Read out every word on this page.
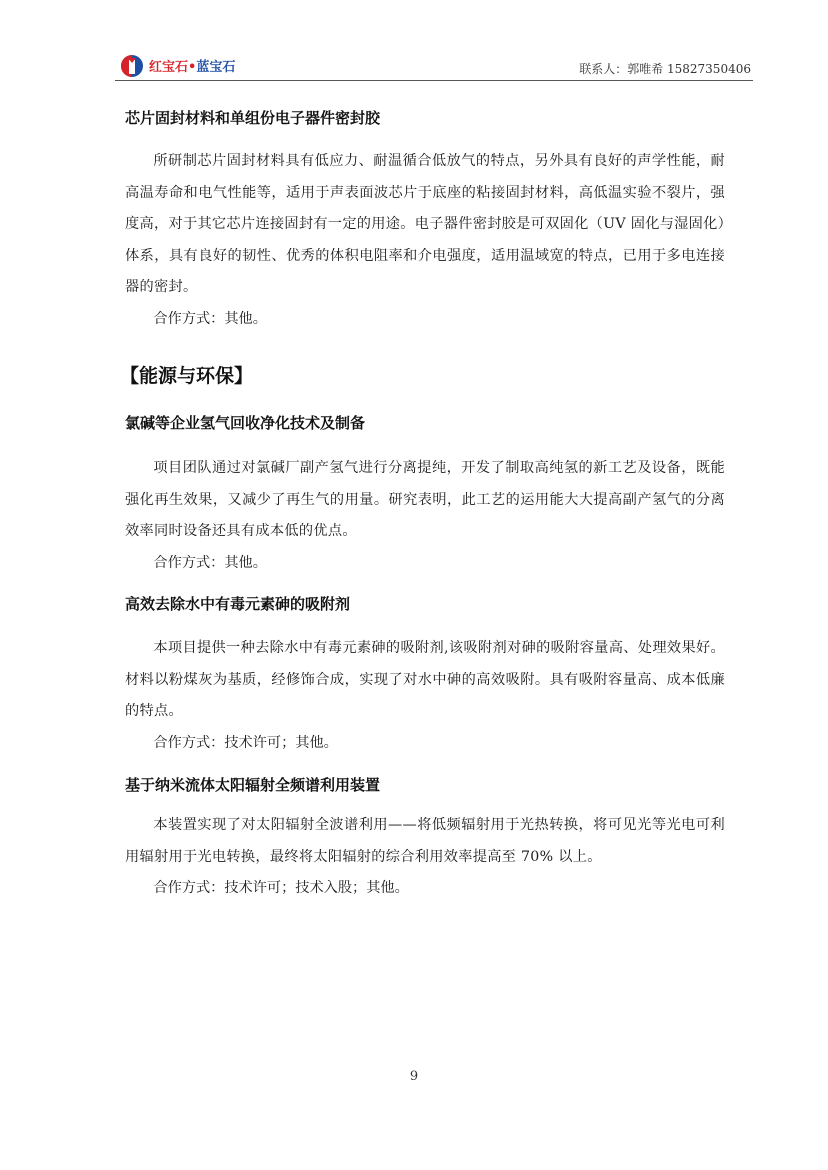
红宝石•蓝宝石	联系人：郭唯希 15827350406

芯片固封材料和单组份电子器件密封胶

所研制芯片固封材料具有低应力、耐温循合低放气的特点，另外具有良好的声学性能，耐高温寿命和电气性能等，适用于声表面波芯片于底座的粘接固封材料，高低温实验不裂片，强度高，对于其它芯片连接固封有一定的用途。电子器件密封胶是可双固化（UV 固化与湿固化）体系，具有良好的韧性、优秀的体积电阻率和介电强度，适用温域宽的特点，已用于多电连接器的密封。

合作方式：其他。

【能源与环保】

氯碱等企业氢气回收净化技术及制备

项目团队通过对氯碱厂副产氢气进行分离提纯，开发了制取高纯氢的新工艺及设备，既能强化再生效果，又减少了再生气的用量。研究表明，此工艺的运用能大大提高副产氢气的分离效率同时设备还具有成本低的优点。

合作方式：其他。

高效去除水中有毒元素砷的吸附剂

本项目提供一种去除水中有毒元素砷的吸附剂,该吸附剂对砷的吸附容量高、处理效果好。材料以粉煤灰为基质，经修饰合成，实现了对水中砷的高效吸附。具有吸附容量高、成本低廉的特点。

合作方式：技术许可；其他。

基于纳米流体太阳辐射全频谱利用装置

本装置实现了对太阳辐射全波谱利用——将低频辐射用于光热转换，将可见光等光电可利用辐射用于光电转换，最终将太阳辐射的综合利用效率提高至 70% 以上。

合作方式：技术许可；技术入股；其他。

9
